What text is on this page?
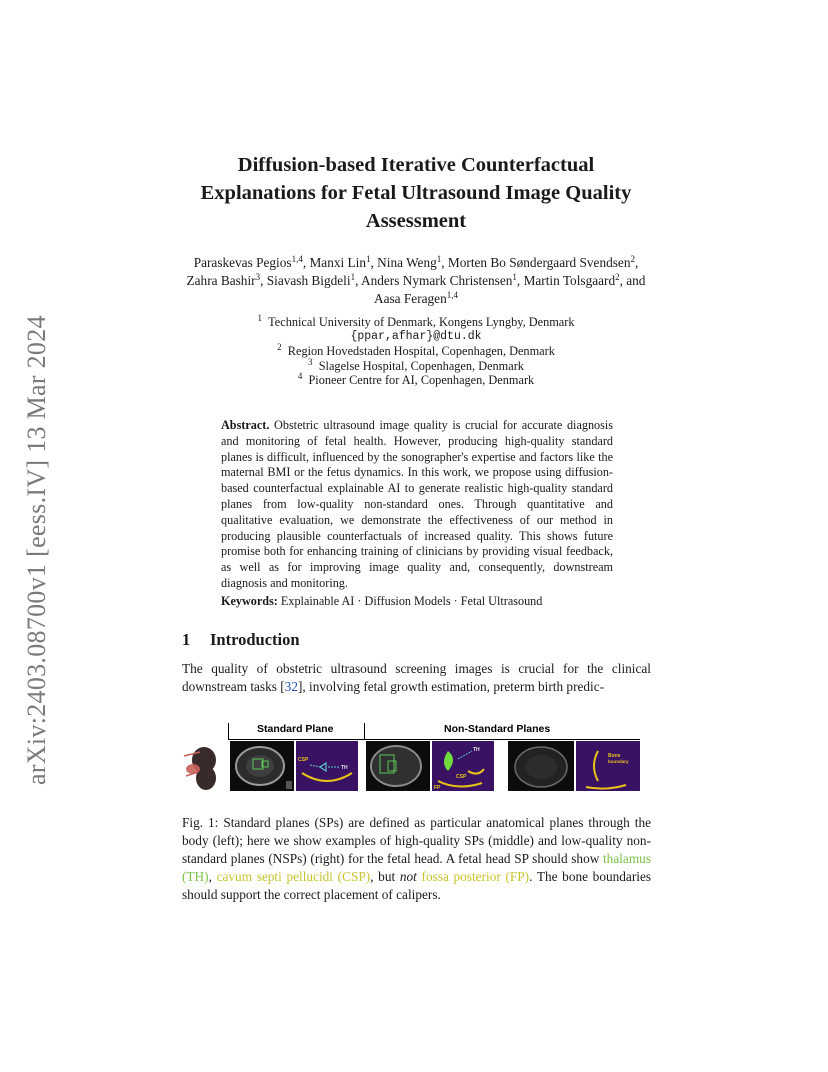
arXiv:2403.08700v1 [eess.IV] 13 Mar 2024
Diffusion-based Iterative Counterfactual
Explanations for Fetal Ultrasound Image Quality
Assessment
Paraskevas Pegios$^{1,4}$, Manxi Lin$^1$, Nina Weng$^1$, Morten Bo Søndergaard Svendsen$^2$, Zahra Bashir$^3$, Siavash Bigdeli$^1$, Anders Nymark Christensen$^1$, Martin Tolsgaard$^2$, and Aasa Feragen$^{1,4}$
$^1$ Technical University of Denmark, Kongens Lyngby, Denmark
{ppar,afhar}@dtu.dk
$^2$ Region Hovedstaden Hospital, Copenhagen, Denmark
$^3$ Slagelse Hospital, Copenhagen, Denmark
$^4$ Pioneer Centre for AI, Copenhagen, Denmark
Abstract. Obstetric ultrasound image quality is crucial for accurate diagnosis and monitoring of fetal health. However, producing high-quality standard planes is difficult, influenced by the sonographer's expertise and factors like the maternal BMI or the fetus dynamics. In this work, we propose using diffusion-based counterfactual explainable AI to generate realistic high-quality standard planes from low-quality non-standard ones. Through quantitative and qualitative evaluation, we demonstrate the effectiveness of our method in producing plausible counterfactuals of increased quality. This shows future promise both for enhancing training of clinicians by providing visual feedback, as well as for improving image quality and, consequently, downstream diagnosis and monitoring.
Keywords: Explainable AI · Diffusion Models · Fetal Ultrasound
1 Introduction
The quality of obstetric ultrasound screening images is crucial for the clinical downstream tasks [32], involving fetal growth estimation, preterm birth predic-
Standard Plane	Non-Standard Planes
CSP
TH
TH
CSP
FP
Bone
boundary
Fig. 1: Standard planes (SPs) are defined as particular anatomical planes through the body (left); here we show examples of high-quality SPs (middle) and low-quality non-standard planes (NSPs) (right) for the fetal head. A fetal head SP should show thalamus (TH), cavum septi pellucidi (CSP), but not fossa posterior (FP). The bone boundaries should support the correct placement of calipers.
